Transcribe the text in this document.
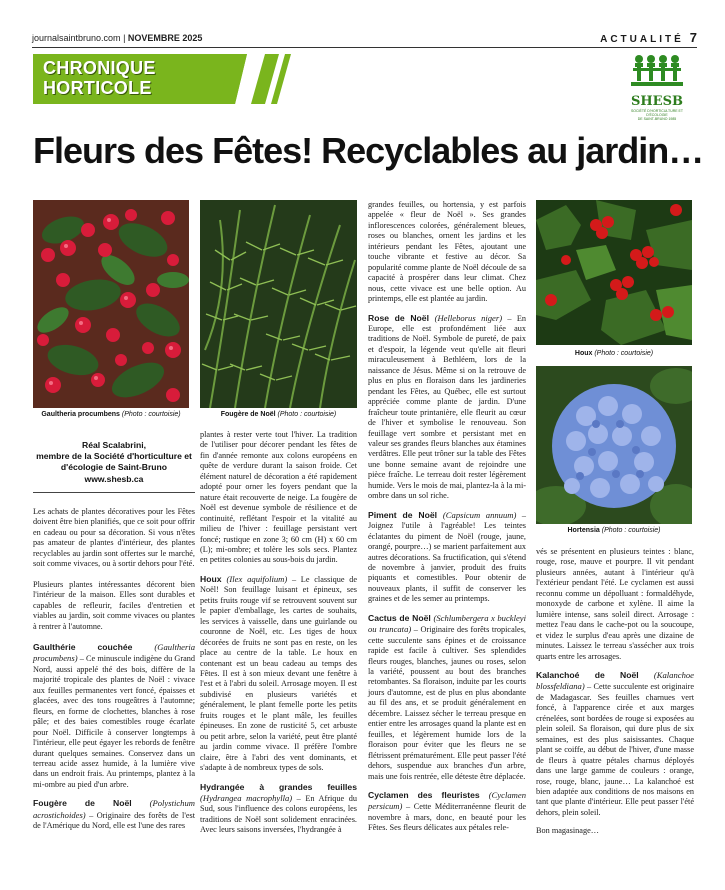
journalsaintbruno.com | NOVEMBRE 2025	ACTUALITÉ 7
CHRONIQUE
HORTICOLE
SHESB
SOCIÉTÉ D'HORTICULTURE ET D'ÉCOLOGIE
DE SAINT-BRUNO 1985
Fleurs des Fêtes! Recyclables au jardin…
Gaultheria procumbens (Photo : courtoisie)	Fougère de Noël (Photo : courtoisie)
Houx (Photo : courtoisie)
Hortensia (Photo : courtoisie)
Réal Scalabrini,
membre de la Société d'horticulture et d'écologie de Saint-Bruno
www.shesb.ca

Les achats de plantes décoratives pour les Fêtes doivent être bien planifiés, que ce soit pour offrir en cadeau ou pour sa décoration. Si vous n'êtes pas amateur de plantes d'intérieur, des plantes recyclables au jardin sont offertes sur le marché, soit comme vivaces, ou à sortir dehors pour l'été.

Plusieurs plantes intéressantes décorent bien l'intérieur de la maison. Elles sont durables et capables de refleurir, faciles d'entretien et viables au jardin, soit comme vivaces ou plantes à rentrer à l'automne.

Gaulthérie couchée	(Gaultheria procumbens) – Ce minuscule indigène du Grand Nord, aussi appelé thé des bois, diffère de la majorité tropicale des plantes de Noël : vivace aux feuilles permanentes vert foncé, épaisses et glacées, avec des tons rougeâtres à l'automne; fleurs, en forme de clochettes, blanches à rose pâle; et des baies comestibles rouge écarlate pour Noël. Difficile à conserver longtemps à l'intérieur, elle peut égayer les rebords de fenêtre durant quelques semaines. Conservez dans un terreau acide assez humide, à la lumière vive dans un endroit frais. Au printemps, plantez à la mi-ombre au pied d'un arbre.

Fougère de Noël (Polystichum acrostichoides) – Originaire des forêts de l'est de l'Amérique du Nord, elle est l'une des rares

plantes à rester verte tout l'hiver. La tradition de l'utiliser pour décorer pendant les fêtes de fin d'année remonte aux colons européens en quête de verdure durant la saison froide. Cet élément naturel de décoration a été rapidement adopté pour orner les foyers pendant que la nature était recouverte de neige. La fougère de Noël est devenue symbole de résilience et de continuité, reflétant l'espoir et la vitalité au milieu de l'hiver : feuillage persistant vert foncé; rustique en zone 3; 60 cm (H) x 60 cm (L); mi-ombre; et tolère les sols secs. Plantez en petites colonies au sous-bois du jardin.

Houx (Ilex aquifolium) – Le classique de Noël! Son feuillage luisant et épineux, ses petits fruits rouge vif se retrouvent souvent sur le papier d'emballage, les cartes de souhaits, les services à vaisselle, dans une guirlande ou couronne de Noël, etc. Les tiges de houx décorées de fruits ne sont pas en reste, on les place au centre de la table. Le houx en contenant est un beau cadeau au temps des Fêtes. Il est à son mieux devant une fenêtre à l'est et à l'abri du soleil. Arrosage moyen. Il est subdivisé en plusieurs variétés et généralement, le plant femelle porte les petits fruits rouges et le plant mâle, les feuilles épineuses. En zone de rusticité 5, cet arbuste ou petit arbre, selon la variété, peut être planté au jardin comme vivace. Il préfère l'ombre claire, être à l'abri des vent dominants, et s'adapte à de nombreux types de sols.

Hydrangée à grandes feuilles (Hydrangea macrophylla) – En Afrique du Sud, sous l'influence des colons européens, les traditions de Noël sont solidement enracinées. Avec leurs saisons inversées, l'hydrangée à

grandes feuilles, ou hortensia, y est parfois appelée « fleur de Noël ». Ses grandes inflorescences colorées, généralement bleues, roses ou blanches, ornent les jardins et les intérieurs pendant les Fêtes, ajoutant une touche vibrante et festive au décor. Sa popularité comme plante de Noël découle de sa capacité à prospérer dans leur climat. Chez nous, cette vivace est une belle option. Au printemps, elle est plantée au jardin.

Rose de Noël (Helleborus niger) – En Europe, elle est profondément liée aux traditions de Noël. Symbole de pureté, de paix et d'espoir, la légende veut qu'elle ait fleuri miraculeusement à Bethléem, lors de la naissance de Jésus. Même si on la retrouve de plus en plus en floraison dans les jardineries pendant les Fêtes, au Québec, elle est surtout appréciée comme plante de jardin. D'une fraîcheur toute printanière, elle fleurit au cœur de l'hiver et symbolise le renouveau. Son feuillage vert sombre et persistant met en valeur ses grandes fleurs blanches aux étamines verdâtres. Elle peut trôner sur la table des Fêtes une bonne semaine avant de rejoindre une pièce fraîche. Le terreau doit rester légèrement humide. Vers le mois de mai, plantez-la à la mi-ombre dans un sol riche.

Piment de Noël (Capsicum annuum) – Joignez l'utile à l'agréable! Les teintes éclatantes du piment de Noël (rouge, jaune, orangé, pourpre…) se marient parfaitement aux autres décorations. Sa fructification, qui s'étend de novembre à janvier, produit des fruits piquants et comestibles. Pour obtenir de nouveaux plants, il suffit de conserver les graines et de les semer au printemps.

Cactus de Noël (Schlumbergera x buckleyi ou truncata) – Originaire des forêts tropicales, cette succulente sans épines et de croissance rapide est facile à cultiver. Ses splendides fleurs rouges, blanches, jaunes ou roses, selon la variété, poussent au bout des branches retombantes. Sa floraison, induite par les courts jours d'automne, est de plus en plus abondante au fil des ans, et se produit généralement en décembre. Laissez sécher le terreau presque en entier entre les arrosages quand la plante est en feuilles, et légèrement humide lors de la floraison pour éviter que les fleurs ne se flétrissent prématurément. Elle peut passer l'été dehors, suspendue aux branches d'un arbre, mais une fois rentrée, elle déteste être déplacée.

Cyclamen des fleuristes (Cyclamen persicum) – Cette Méditerranéenne fleurit de novembre à mars, donc, en beauté pour les Fêtes. Ses fleurs délicates aux pétales rele-

vés se présentent en plusieurs teintes : blanc, rouge, rose, mauve et pourpre. Il vit pendant plusieurs années, autant à l'intérieur qu'à l'extérieur pendant l'été. Le cyclamen est aussi reconnu comme un dépolluant : formaldéhyde, monoxyde de carbone et xylène. Il aime la lumière intense, sans soleil direct. Arrosage : mettez l'eau dans le cache-pot ou la soucoupe, et videz le surplus d'eau après une dizaine de minutes. Laissez le terreau s'assécher aux trois quarts entre les arrosages.

Kalanchoé de Noël (Kalanchoe blossfeldiana) – Cette succulente est originaire de Madagascar. Ses feuilles charnues vert foncé, à l'apparence cirée et aux marges crénelées, sont bordées de rouge si exposées au plein soleil. Sa floraison, qui dure plus de six semaines, est des plus saisissantes. Chaque plant se coiffe, au début de l'hiver, d'une masse de fleurs à quatre pétales charnus déployés dans une large gamme de couleurs : orange, rose, rouge, blanc, jaune… La kalanchoé est bien adaptée aux conditions de nos maisons en tant que plante d'intérieur. Elle peut passer l'été dehors, plein soleil.

Bon magasinage…
